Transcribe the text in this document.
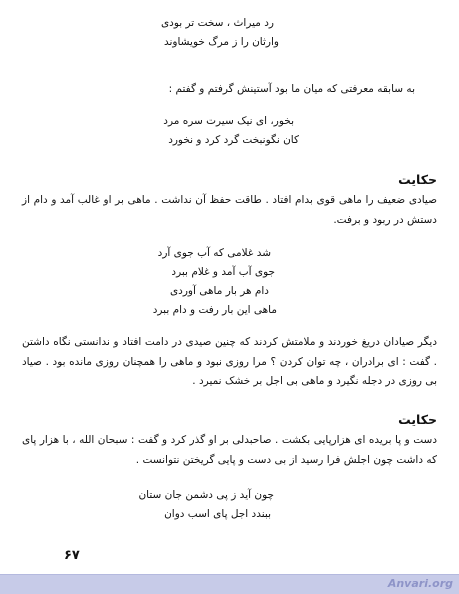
رد میراث ، سخت تر بودی
وارثان را ز مرگ خویشاوند
به سابقه معرفتی که میان ما بود آستینش گرفتم و گفتم :
بخور، ای نیک سیرت سره مرد
کان نگونبخت گرد کرد و نخورد
حکایت
صیادی ضعیف را ماهی قوی بدام افتاد . طاقت حفظ آن نداشت . ماهی بر او غالب آمد و دام از دستش در ربود و برفت.
شد غلامی که آب جوی آرد
جوی آب آمد و غلام ببرد
دام هر بار ماهی آوردی
ماهی این بار رفت و دام ببرد
دیگر صیادان دریغ خوردند و ملامتش کردند که چنین صیدی در دامت افتاد و ندانستی نگاه داشتن . گفت : ای برادران ، چه توان کردن ؟ مرا روزی نبود و ماهی را همچنان روزی مانده بود . صیاد بی روزی در دجله نگیرد و ماهی بی اجل بر خشک نمیرد .
حکایت
دست و پا بریده ای هزارپایی بکشت . صاحبدلی بر او گذر کرد و گفت : سبحان الله ، با هزار پای که داشت چون اجلش فرا رسید از بی دست و پایی گریختن نتوانست .
چون آید ز پی دشمن جان ستان
ببندد اجل پای اسب دوان
۶۷
Anvari.org
